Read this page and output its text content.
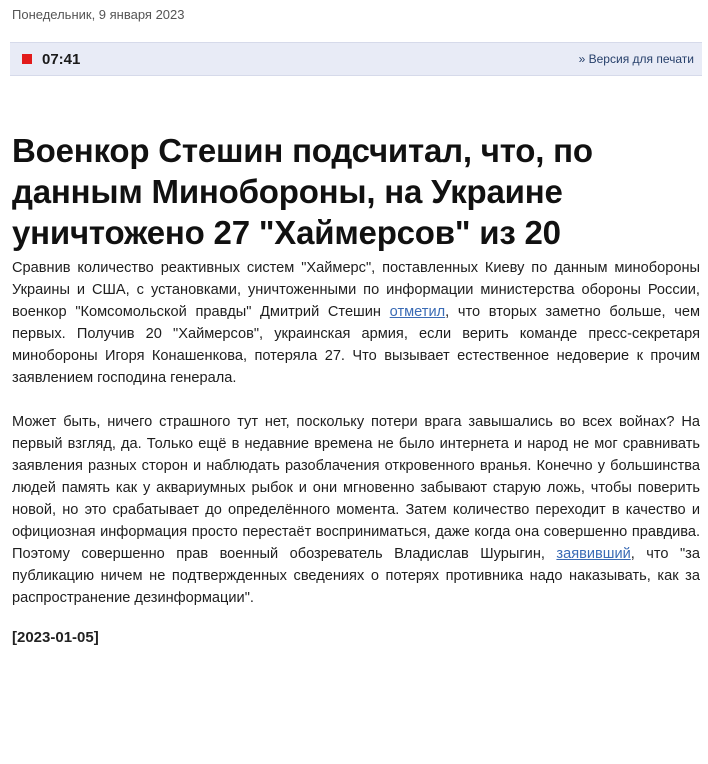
Понедельник, 9 января 2023
07:41	» Версия для печати
Военкор Стешин подсчитал, что, по данным Минобороны, на Украине уничтожено 27 "Хаймерсов" из 20

Сравнив количество реактивных систем "Хаймерс", поставленных Киеву по данным минобороны Украины и США, с установками, уничтоженными по информации министерства обороны России, военкор "Комсомольской правды" Дмитрий Стешин отметил, что вторых заметно больше, чем первых. Получив 20 "Хаймерсов", украинская армия, если верить команде пресс-секретаря минобороны Игоря Конашенкова, потеряла 27. Что вызывает естественное недоверие к прочим заявлением господина генерала.

Может быть, ничего страшного тут нет, поскольку потери врага завышались во всех войнах? На первый взгляд, да. Только ещё в недавние времена не было интернета и народ не мог сравнивать заявления разных сторон и наблюдать разоблачения откровенного вранья. Конечно у большинства людей память как у аквариумных рыбок и они мгновенно забывают старую ложь, чтобы поверить новой, но это срабатывает до определённого момента. Затем количество переходит в качество и официозная информация просто перестаёт восприниматься, даже когда она совершенно правдива. Поэтому совершенно прав военный обозреватель Владислав Шурыгин, заявивший, что "за публикацию ничем не подтвержденных сведениях о потерях противника надо наказывать, как за распространение дезинформации".

[2023-01-05]
